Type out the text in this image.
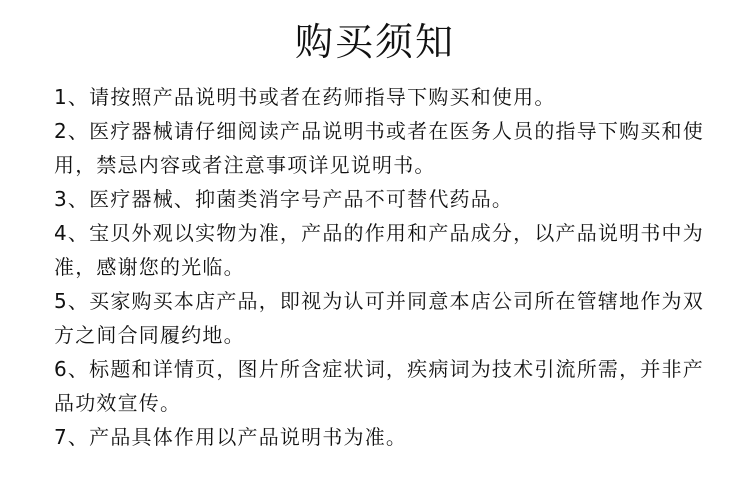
购买须知
1、请按照产品说明书或者在药师指导下购买和使用。
2、医疗器械请仔细阅读产品说明书或者在医务人员的指导下购买和使用，禁忌内容或者注意事项详见说明书。
3、医疗器械、抑菌类消字号产品不可替代药品。
4、宝贝外观以实物为准，产品的作用和产品成分，以产品说明书中为准，感谢您的光临。
5、买家购买本店产品，即视为认可并同意本店公司所在管辖地作为双方之间合同履约地。
6、标题和详情页，图片所含症状词，疾病词为技术引流所需，并非产品功效宣传。
7、产品具体作用以产品说明书为准。
